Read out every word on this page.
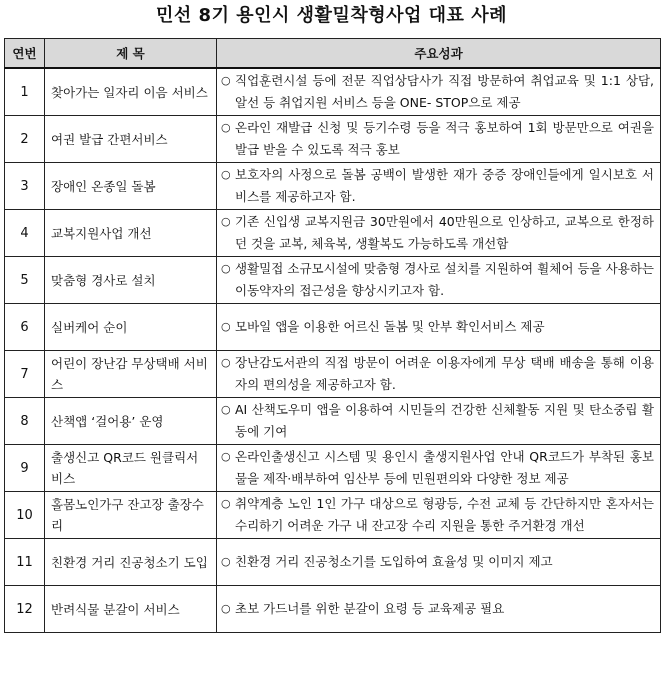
민선 8기 용인시 생활밀착형사업 대표 사례
연번	제 목	주요성과
1	찾아가는 일자리 이음 서비스	○ 직업훈련시설 등에 전문 직업상담사가 직접 방문하여 취업교육 및 1:1 상담, 알선 등 취업지원 서비스 등을 ONE- STOP으로 제공

2	여권 발급 간편서비스	○ 온라인 재발급 신청 및 등기수령 등을 적극 홍보하여 1회 방문만으로 여권을 발급 받을 수 있도록 적극 홍보

3	장애인 온종일 돌봄	○ 보호자의 사정으로 돌봄 공백이 발생한 재가 중증 장애인들에게 일시보호 서비스를 제공하고자 함.

4	교복지원사업 개선	○ 기존 신입생 교복지원금 30만원에서 40만원으로 인상하고, 교복으로 한정하던 것을 교복, 체육복, 생활복도 가능하도록 개선함

5	맞춤형 경사로 설치	○ 생활밀접 소규모시설에 맞춤형 경사로 설치를 지원하여 휠체어 등을 사용하는 이동약자의 접근성을 향상시키고자 함.

6	실버케어 순이	○ 모바일 앱을 이용한 어르신 돌봄 및 안부 확인서비스 제공

7	어린이 장난감 무상택배 서비스	○ 장난감도서관의 직접 방문이 어려운 이용자에게 무상 택배 배송을 통해 이용자의 편의성을 제공하고자 함.

8	산책앱 ‘걸어용’ 운영	○ AI 산책도우미 앱을 이용하여 시민들의 건강한 신체활동 지원 및 탄소중립 활동에 기여

9	출생신고 QR코드 원클릭서비스	○ 온라인출생신고 시스템 및 용인시 출생지원사업 안내 QR코드가 부착된 홍보물을 제작·배부하여 임산부 등에 민원편의와 다양한 정보 제공

10	홀몸노인가구 잔고장 출장수리	○ 취약계층 노인 1인 가구 대상으로 형광등, 수전 교체 등 간단하지만 혼자서는 수리하기 어려운 가구 내 잔고장 수리 지원을 통한 주거환경 개선

11	친환경 거리 진공청소기 도입	○ 친환경 거리 진공청소기를 도입하여 효율성 및 이미지 제고

12	반려식물 분갈이 서비스	○ 초보 가드너를 위한 분갈이 요령 등 교육제공 필요
